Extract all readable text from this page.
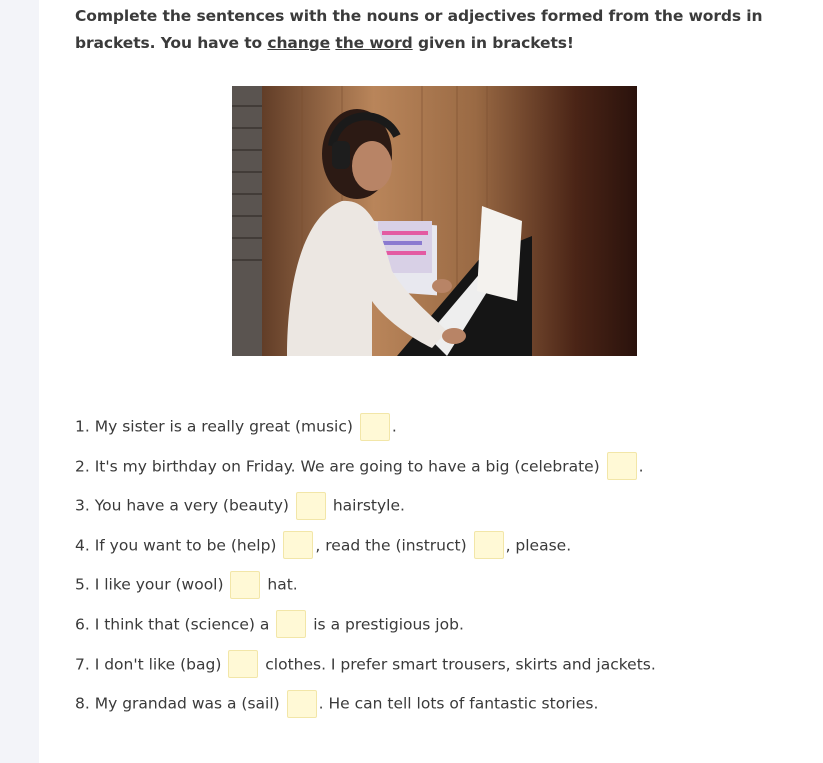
Complete the sentences with the nouns or adjectives formed from the words in brackets. You have to change the word given in brackets!
1. My sister is a really great (music) .
2. It's my birthday on Friday. We are going to have a big (celebrate) .
3. You have a very (beauty)  hairstyle.
4. If you want to be (help) , read the (instruct) , please.
5. I like your (wool)  hat.
6. I think that (science) a  is a prestigious job.
7. I don't like (bag)  clothes. I prefer smart trousers, skirts and jackets.
8. My grandad was a (sail) . He can tell lots of fantastic stories.
